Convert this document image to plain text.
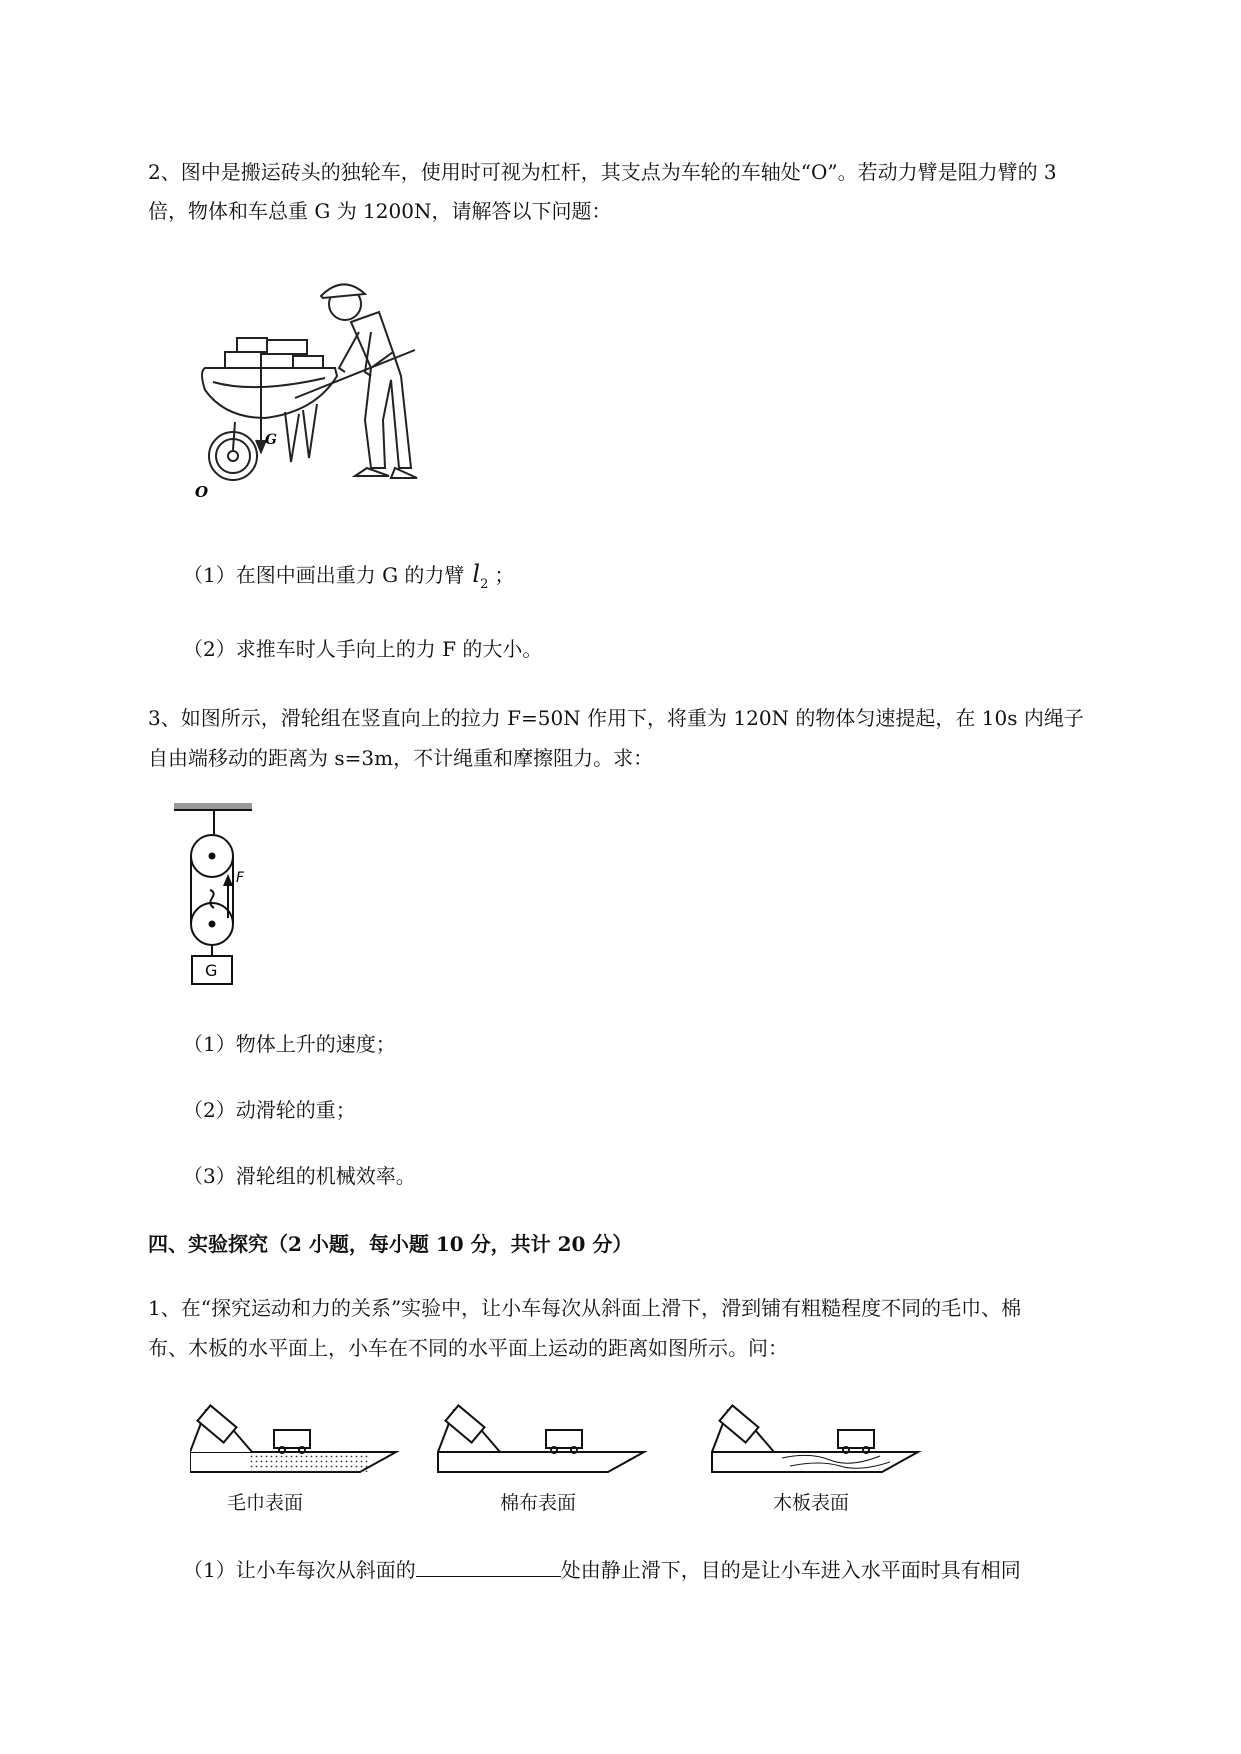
2、图中是搬运砖头的独轮车，使用时可视为杠杆，其支点为车轮的车轴处“O”。若动力臂是阻力臂的 3

倍，物体和车总重 G 为 1200N，请解答以下问题：

G
O

（1）在图中画出重力 G 的力臂 $l_2$ ；

（2）求推车时人手向上的力 F 的大小。

3、如图所示，滑轮组在竖直向上的拉力 F=50N 作用下，将重为 120N 的物体匀速提起，在 10s 内绳子

自由端移动的距离为 s=3m，不计绳重和摩擦阻力。求：

F
G

（1）物体上升的速度；

（2）动滑轮的重；

（3）滑轮组的机械效率。

四、实验探究（2 小题，每小题 10 分，共计 20 分）

1、在“探究运动和力的关系”实验中，让小车每次从斜面上滑下，滑到铺有粗糙程度不同的毛巾、棉

布、木板的水平面上，小车在不同的水平面上运动的距离如图所示。问：

毛巾表面	棉布表面	木板表面

（1）让小车每次从斜面的	处由静止滑下，目的是让小车进入水平面时具有相同
